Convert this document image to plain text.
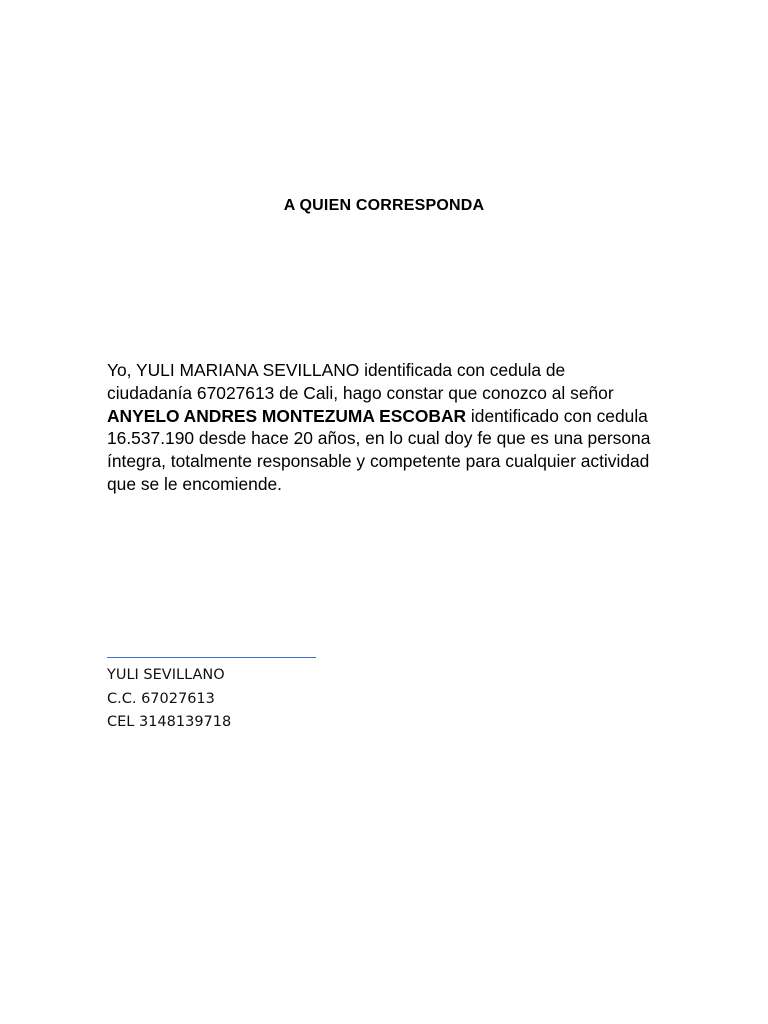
A QUIEN CORRESPONDA
Yo, YULI MARIANA SEVILLANO identificada con cedula de
ciudadanía 67027613 de Cali, hago constar que conozco al señor
ANYELO ANDRES MONTEZUMA ESCOBAR identificado con cedula
16.537.190 desde hace 20 años, en lo cual doy fe que es una persona
íntegra, totalmente responsable y competente para cualquier actividad
que se le encomiende.
YULI SEVILLANO
C.C. 67027613
CEL 3148139718
